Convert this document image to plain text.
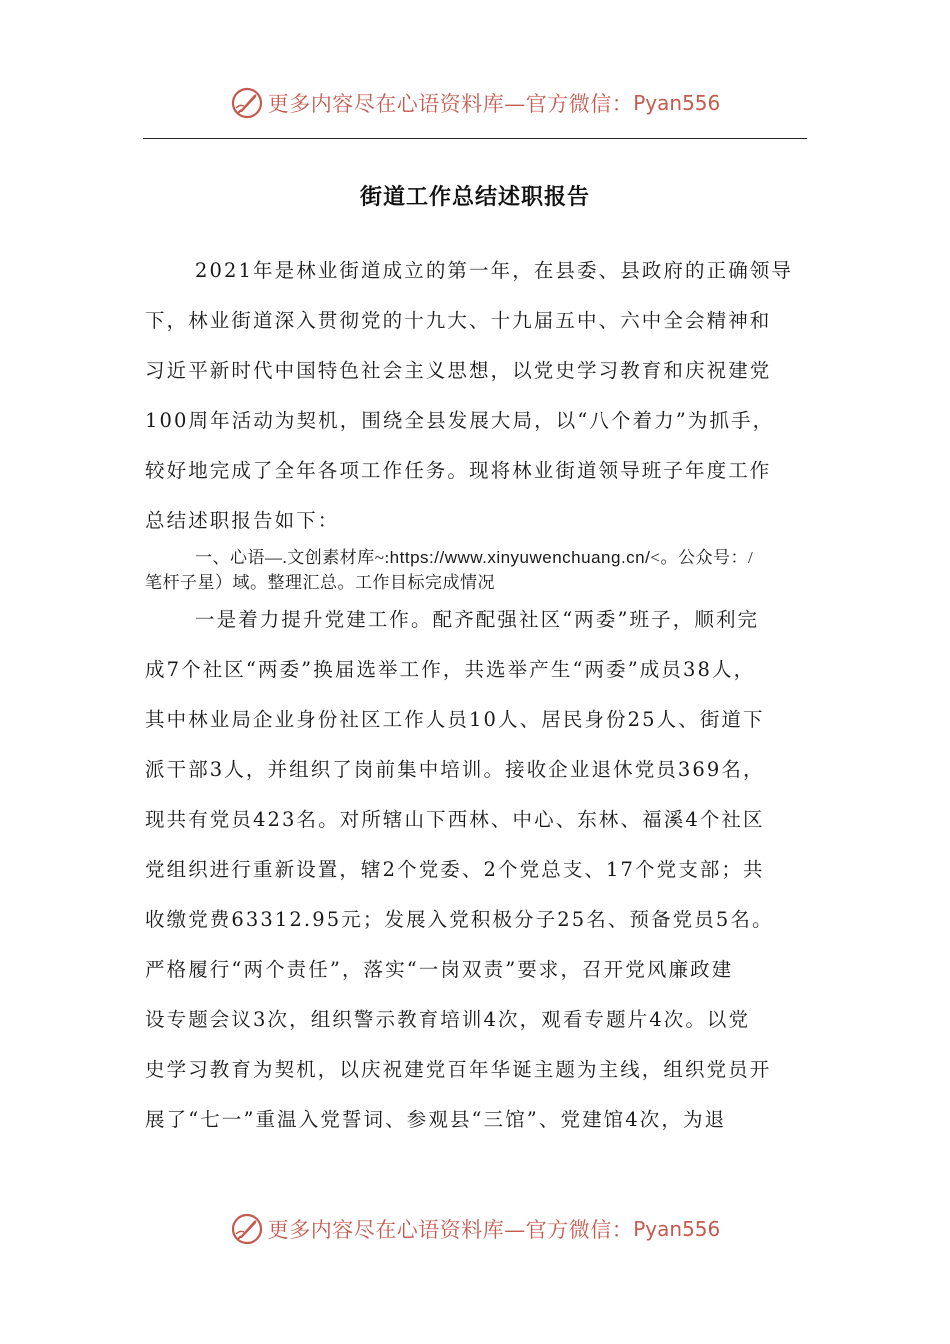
更多内容尽在心语资料库—官方微信： Pyan556
街道工作总结述职报告
2021年是林业街道成立的第一年，在县委、县政府的正确领导
下，林业街道深入贯彻党的十九大、十九届五中、六中全会精神和
习近平新时代中国特色社会主义思想，以党史学习教育和庆祝建党
100周年活动为契机，围绕全县发展大局，以“八个着力”为抓手，
较好地完成了全年各项工作任务。现将林业街道领导班子年度工作
总结述职报告如下：
一、心语—.文创素材库~:https://www.xinyuwenchuang.cn/<。公众号：/
笔杆子星）域。整理汇总。工作目标完成情况
一是着力提升党建工作。配齐配强社区“两委”班子，顺利完
成7个社区“两委”换届选举工作，共选举产生“两委”成员38人，
其中林业局企业身份社区工作人员10人、居民身份25人、街道下
派干部3人，并组织了岗前集中培训。接收企业退休党员369名，
现共有党员423名。对所辖山下西林、中心、东林、福溪4个社区
党组织进行重新设置，辖2个党委、2个党总支、17个党支部；共
收缴党费63312.95元；发展入党积极分子25名、预备党员5名。
严格履行“两个责任”，落实“一岗双责”要求，召开党风廉政建
设专题会议3次，组织警示教育培训4次，观看专题片4次。以党
史学习教育为契机，以庆祝建党百年华诞主题为主线，组织党员开
展了“七一”重温入党誓词、参观县“三馆”、党建馆4次，为退
更多内容尽在心语资料库—官方微信： Pyan556
